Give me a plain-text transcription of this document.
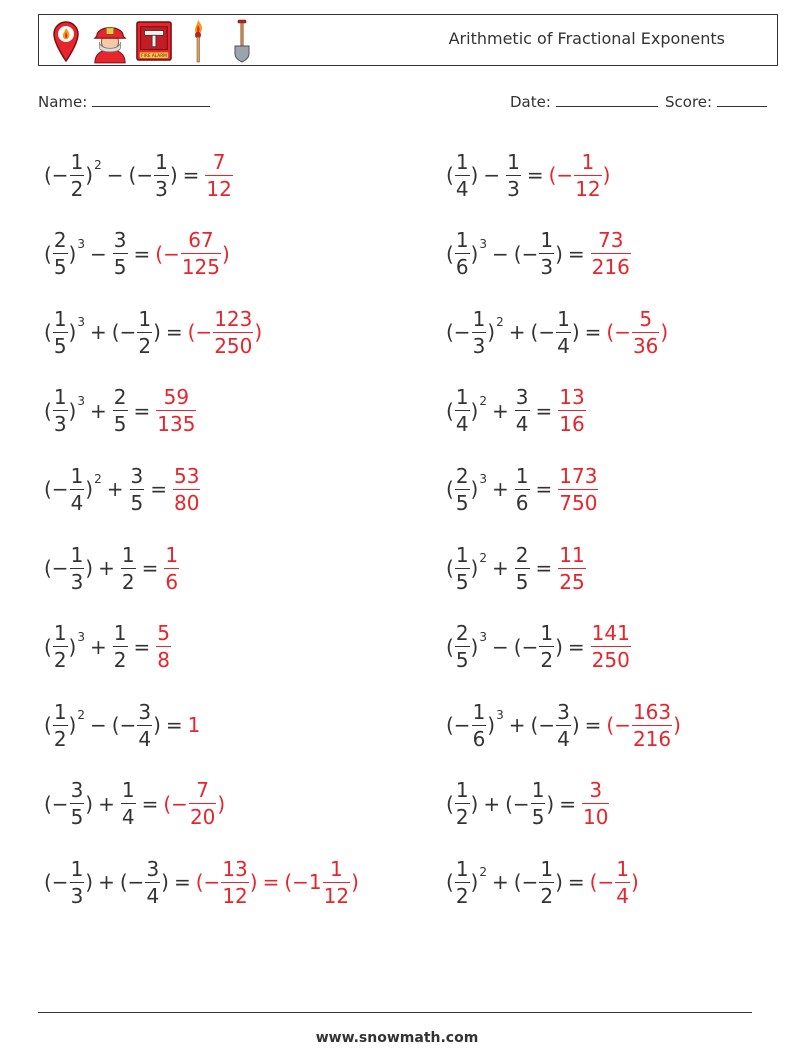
FIRE ALARM
Arithmetic of Fractional Exponents
Name:	Date:	Score:
(− $\frac{1}{2}$ ) 2 − (− $\frac{1}{3}$ ) = $\frac{7}{12}$	( $\frac{1}{4}$ ) − $\frac{1}{3}$ = (− $\frac{1}{12}$ )
( $\frac{2}{5}$ ) $3 - \frac{3}{5}$ = (− $\frac{67}{125}$ )	( $\frac{1}{6}$ ) 3 − (− $\frac{1}{3}$ ) = $\frac{73}{216}$
( $\frac{1}{5}$ ) 3 + (− $\frac{1}{2}$ ) = (− $\frac{123}{250}$ )	(− $\frac{1}{3}$ ) 2 + (− $\frac{1}{4}$ ) = (− $\frac{5}{36}$ )
( $\frac{1}{3}$ ) $3 + \frac{2}{5} = \frac{59}{135}$	( $\frac{1}{4}$ ) $2 + \frac{3}{4} = \frac{13}{16}$
(− $\frac{1}{4}$ ) $2 + \frac{3}{5} = \frac{53}{80}$	( $\frac{2}{5}$ ) $3 + \frac{1}{6} = \frac{173}{750}$
(− $\frac{1}{3}$ ) + $\frac{1}{2} = \frac{1}{6}$	( $\frac{1}{5}$ ) $2 + \frac{2}{5} = \frac{11}{25}$
( $\frac{1}{2}$ ) $3 + \frac{1}{2} = \frac{5}{8}$	( $\frac{2}{5}$ ) 3 − (− $\frac{1}{2}$ ) = $\frac{141}{250}$
( $\frac{1}{2}$ ) 2 − (− $\frac{3}{4}$ ) = 1	(− $\frac{1}{6}$ ) 3 + (− $\frac{3}{4}$ ) = (− $\frac{163}{216}$ )
(− $\frac{3}{5}$ ) + $\frac{1}{4}$ = (− $\frac{7}{20}$ )	( $\frac{1}{2}$ ) + (− $\frac{1}{5}$ ) = $\frac{3}{10}$
(− $\frac{1}{3}$ ) + (− $\frac{3}{4}$ ) = (− $\frac{13}{12}$ ) = ($-1 \frac{1}{12}$ )	( $\frac{1}{2}$ ) 2 + (− $\frac{1}{2}$ ) = (− $\frac{1}{4}$ )
www.snowmath.com
